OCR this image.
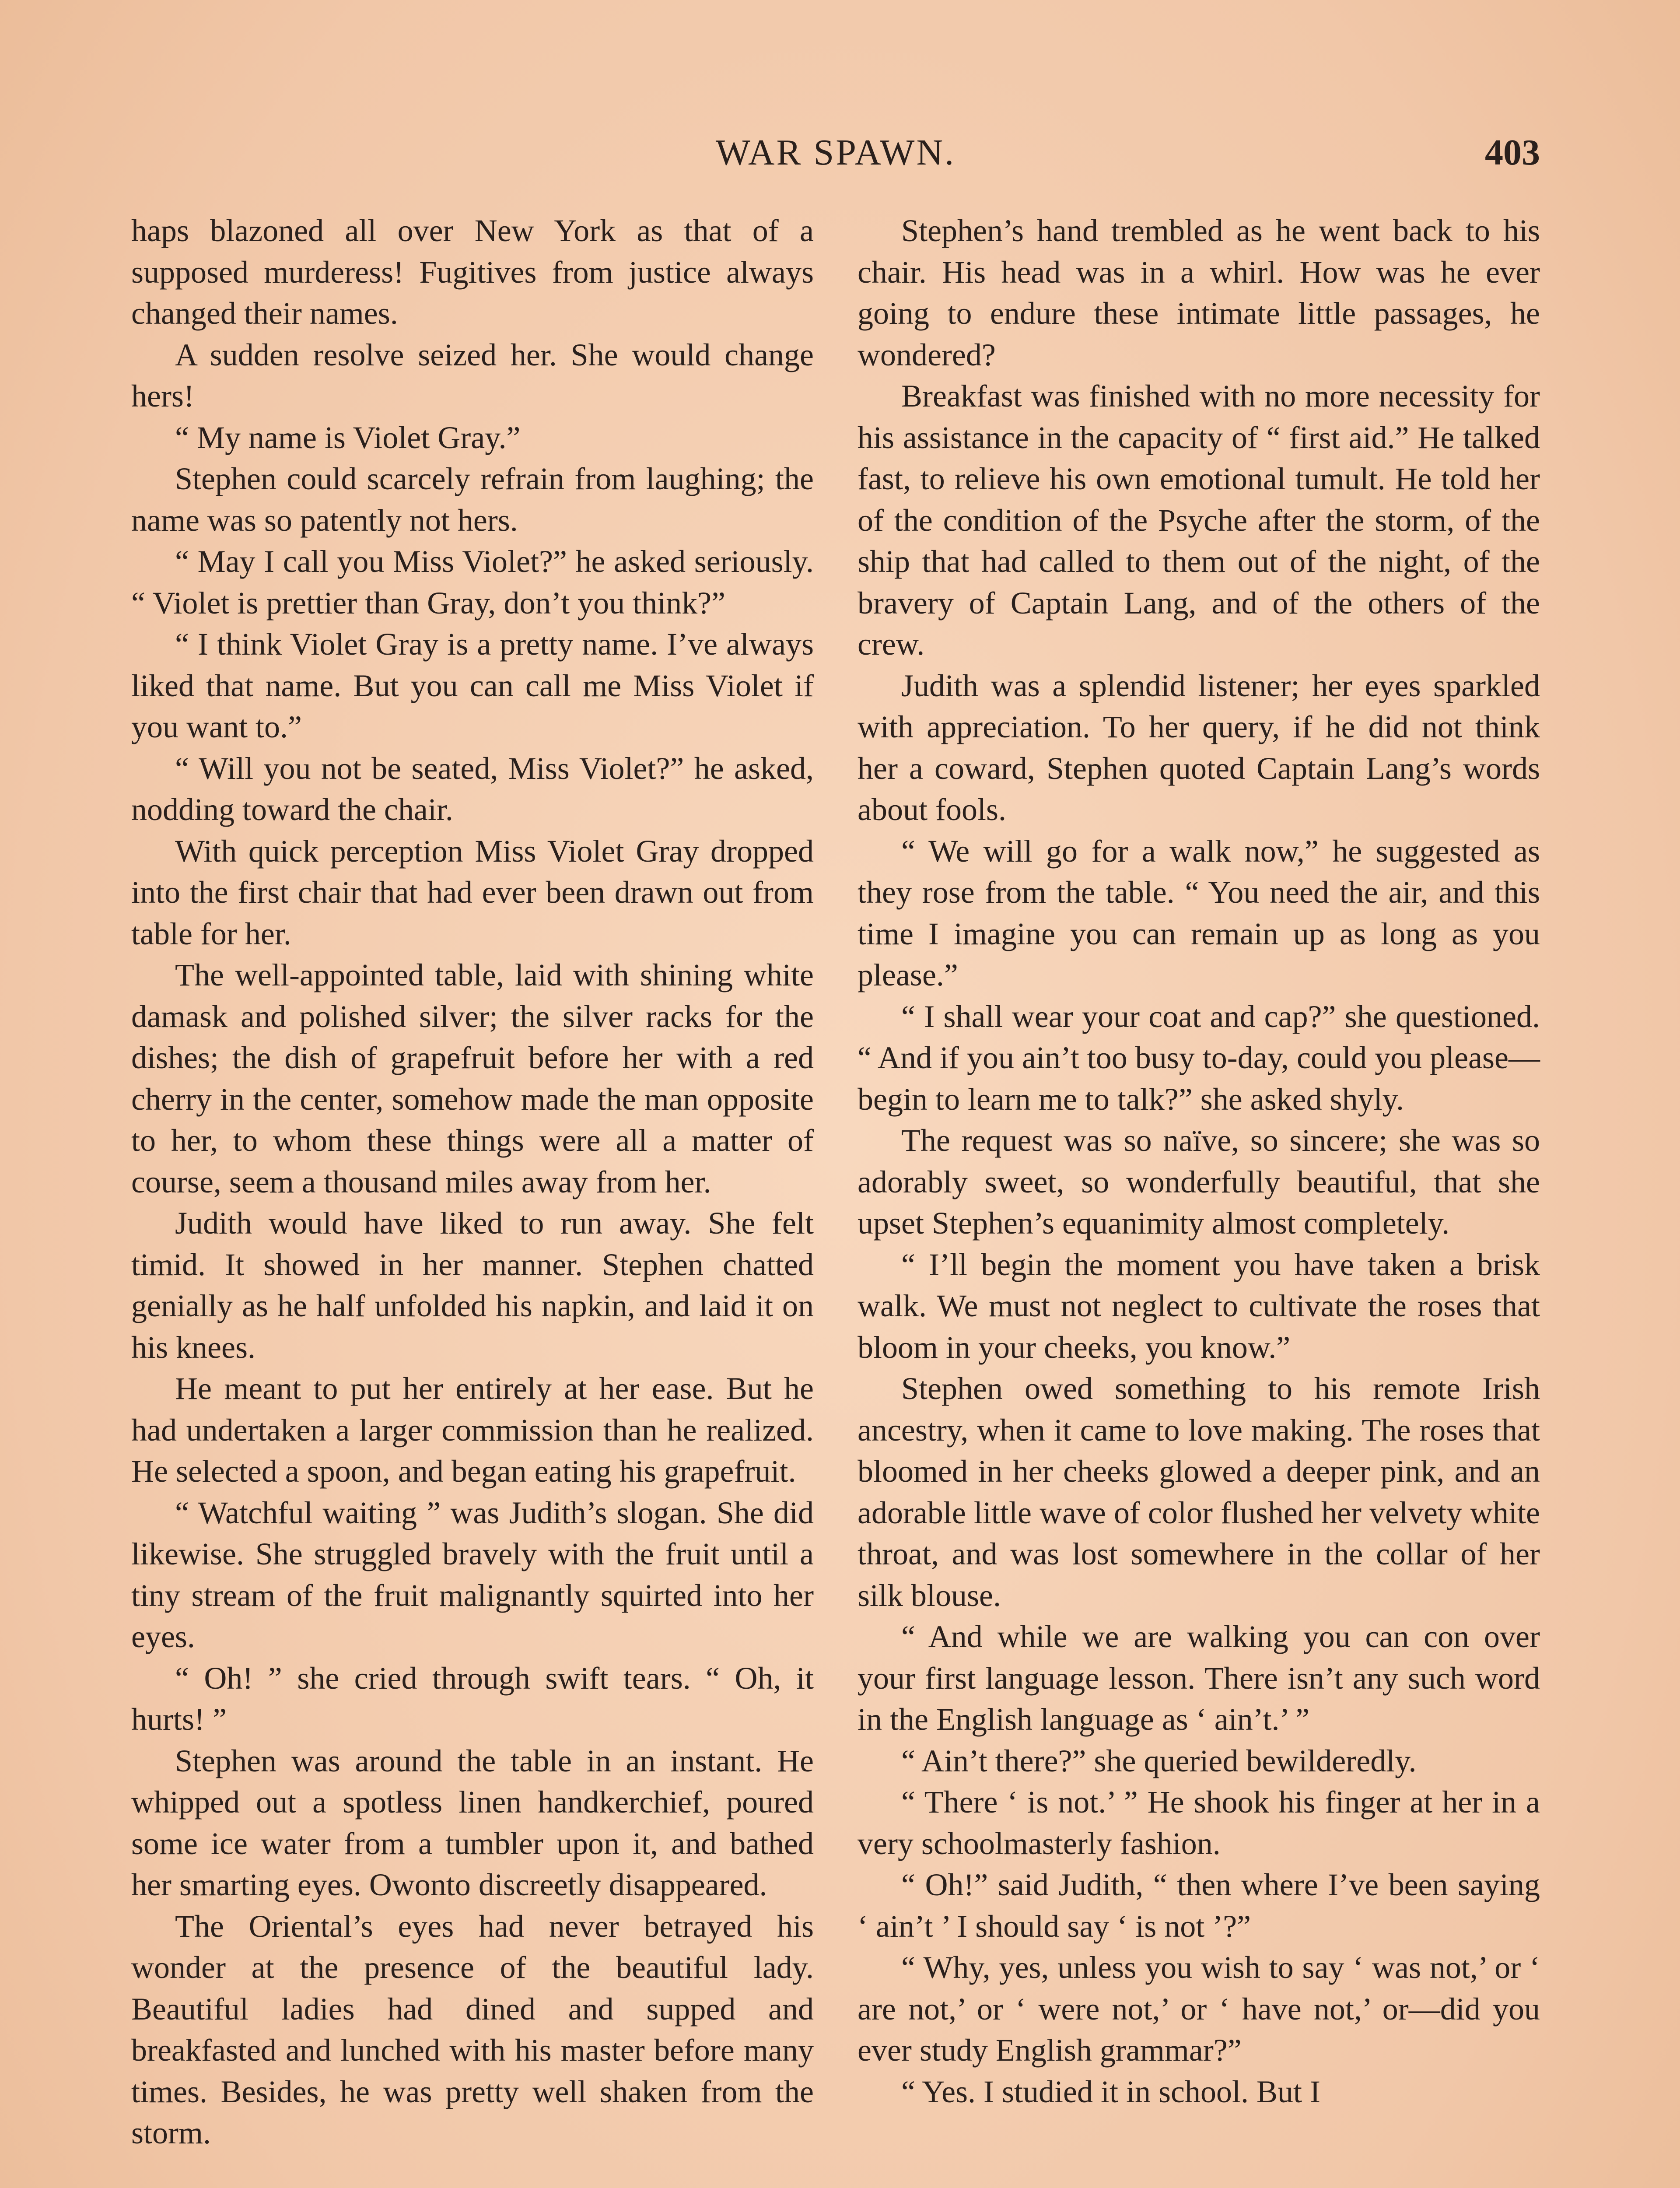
WAR SPAWN.	403

haps blazoned all over New York as that of a supposed murderess! Fugitives from justice always changed their names.

A sudden resolve seized her. She would change hers!

“ My name is Violet Gray.”

Stephen could scarcely refrain from laughing; the name was so patently not hers.

“ May I call you Miss Violet?” he asked seriously. “ Violet is prettier than Gray, don’t you think?”

“ I think Violet Gray is a pretty name. I’ve always liked that name. But you can call me Miss Violet if you want to.”

“ Will you not be seated, Miss Violet?” he asked, nodding toward the chair.

With quick perception Miss Violet Gray dropped into the first chair that had ever been drawn out from table for her.

The well-appointed table, laid with shining white damask and polished silver; the silver racks for the dishes; the dish of grapefruit before her with a red cherry in the center, somehow made the man opposite to her, to whom these things were all a matter of course, seem a thousand miles away from her.

Judith would have liked to run away. She felt timid. It showed in her manner. Stephen chatted genially as he half unfolded his napkin, and laid it on his knees.

He meant to put her entirely at her ease. But he had undertaken a larger commission than he realized. He selected a spoon, and began eating his grapefruit.

“ Watchful waiting ” was Judith’s slogan. She did likewise. She struggled bravely with the fruit until a tiny stream of the fruit malignantly squirted into her eyes.

“ Oh! ” she cried through swift tears. “ Oh, it hurts! ”

Stephen was around the table in an instant. He whipped out a spotless linen handkerchief, poured some ice water from a tumbler upon it, and bathed her smarting eyes. Owonto discreetly disappeared.

The Oriental’s eyes had never betrayed his wonder at the presence of the beautiful lady. Beautiful ladies had dined and supped and breakfasted and lunched with his master before many times. Besides, he was pretty well shaken from the storm.

Stephen’s hand trembled as he went back to his chair. His head was in a whirl. How was he ever going to endure these intimate little passages, he wondered?

Breakfast was finished with no more necessity for his assistance in the capacity of “ first aid.” He talked fast, to relieve his own emotional tumult. He told her of the condition of the Psyche after the storm, of the ship that had called to them out of the night, of the bravery of Captain Lang, and of the others of the crew.

Judith was a splendid listener; her eyes sparkled with appreciation. To her query, if he did not think her a coward, Stephen quoted Captain Lang’s words about fools.

“ We will go for a walk now,” he suggested as they rose from the table. “ You need the air, and this time I imagine you can remain up as long as you please.”

“ I shall wear your coat and cap?” she questioned. “ And if you ain’t too busy to-day, could you please—begin to learn me to talk?” she asked shyly.

The request was so naïve, so sincere; she was so adorably sweet, so wonderfully beautiful, that she upset Stephen’s equanimity almost completely.

“ I’ll begin the moment you have taken a brisk walk. We must not neglect to cultivate the roses that bloom in your cheeks, you know.”

Stephen owed something to his remote Irish ancestry, when it came to love making. The roses that bloomed in her cheeks glowed a deeper pink, and an adorable little wave of color flushed her velvety white throat, and was lost somewhere in the collar of her silk blouse.

“ And while we are walking you can con over your first language lesson. There isn’t any such word in the English language as ‘ ain’t.’ ”

“ Ain’t there?” she queried bewilderedly.

“ There ‘ is not.’ ” He shook his finger at her in a very schoolmasterly fashion.

“ Oh!” said Judith, “ then where I’ve been saying ‘ ain’t ’ I should say ‘ is not ’?”

“ Why, yes, unless you wish to say ‘ was not,’ or ‘ are not,’ or ‘ were not,’ or ‘ have not,’ or—did you ever study English grammar?”

“ Yes. I studied it in school. But I
